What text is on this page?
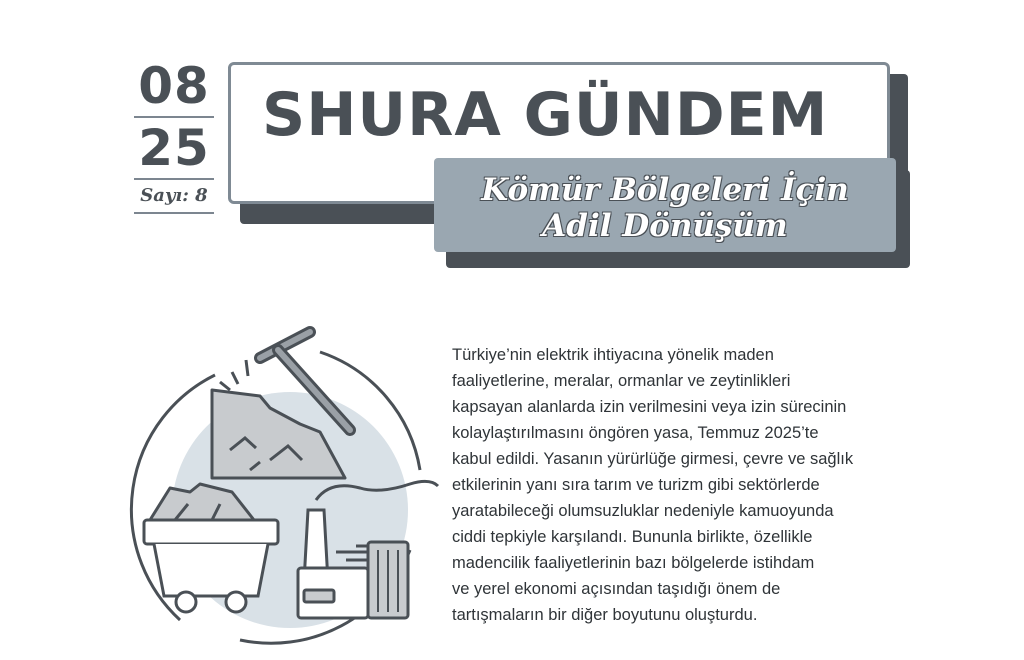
08
25
Sayı: 8
SHURA GÜNDEM
Kömür Bölgeleri İçin
Adil Dönüşüm
Türkiye’nin elektrik ihtiyacına yönelik maden
faaliyetlerine, meralar, ormanlar ve zeytinlikleri
kapsayan alanlarda izin verilmesini veya izin sürecinin
kolaylaştırılmasını öngören yasa, Temmuz 2025’te
kabul edildi. Yasanın yürürlüğe girmesi, çevre ve sağlık
etkilerinin yanı sıra tarım ve turizm gibi sektörlerde
yaratabileceği olumsuzluklar nedeniyle kamuoyunda
ciddi tepkiyle karşılandı. Bununla birlikte, özellikle
madencilik faaliyetlerinin bazı bölgelerde istihdam
ve yerel ekonomi açısından taşıdığı önem de
tartışmaların bir diğer boyutunu oluşturdu.
